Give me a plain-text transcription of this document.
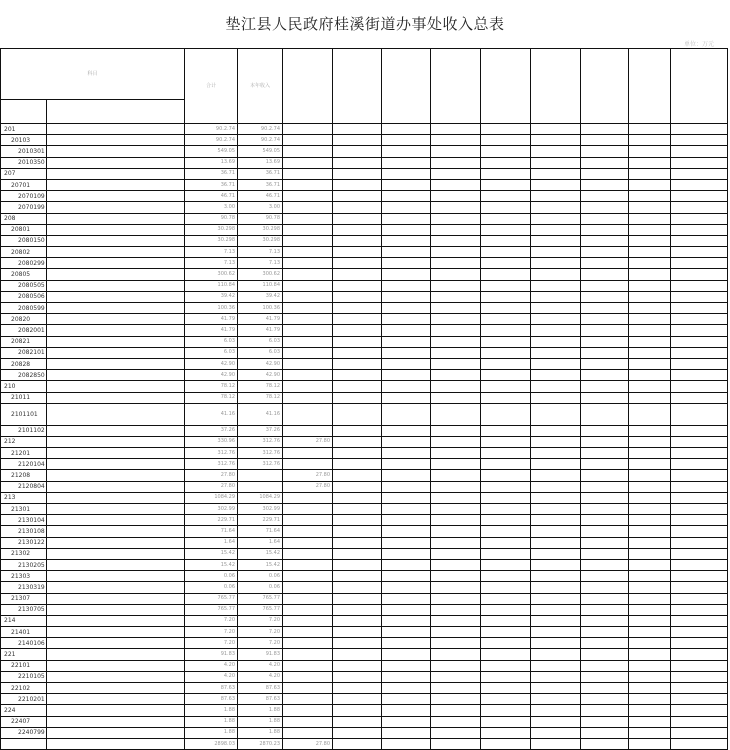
垫江县人民政府桂溪街道办事处收入总表
单位：万元
科目		合计	本年收入									

201		90.2.74	90.2.74									
20103		90.2.74	90.2.74									
2010301		549.05	549.05									
2010350		13.69	13.69									
207		36.71	36.71									
20701		36.71	36.71									
2070109		46.71	46.71									
2070199		3.00	3.00									
208		90.78	90.78									
20801		30.298	30.298									
2080150		30.298	30.298									
20802		7.13	7.13									
2080299		7.13	7.13									
20805		300.62	300.62									
2080505		110.84	110.84									
2080506		39.42	39.42									
2080599		100.36	100.36									
20820		41.79	41.79									
2082001		41.79	41.79									
20821		6.03	6.03									
2082101		6.03	6.03									
20828		42.90	42.90									
2082850		42.90	42.90									
210		78.12	78.12									
21011		78.12	78.12									
2101101		41.16	41.16									
2101102		37.26	37.26									
212		330.96	312.76	27.80								
21201		312.76	312.76									
2120104		312.76	312.76									
21208		27.80		27.80								
2120804		27.80		27.80								
213		1084.29	1084.29									
21301		302.99	302.99									
2130104		229.71	229.71									
2130108		71.64	71.64									
2130122		1.64	1.64									
21302		15.42	15.42									
2130205		15.42	15.42									
21303		0.06	0.06									
2130319		0.06	0.06									
21307		765.77	765.77									
2130705		765.77	765.77									
214		7.20	7.20									
21401		7.20	7.20									
2140106		7.20	7.20									
221		91.83	91.83									
22101		4.20	4.20									
2210105		4.20	4.20									
22102		87.63	87.63									
2210201		87.63	87.63									
224		1.88	1.88									
22407		1.88	1.88									
2240799		1.88	1.88									
		2898.03	2870.23	27.80								
